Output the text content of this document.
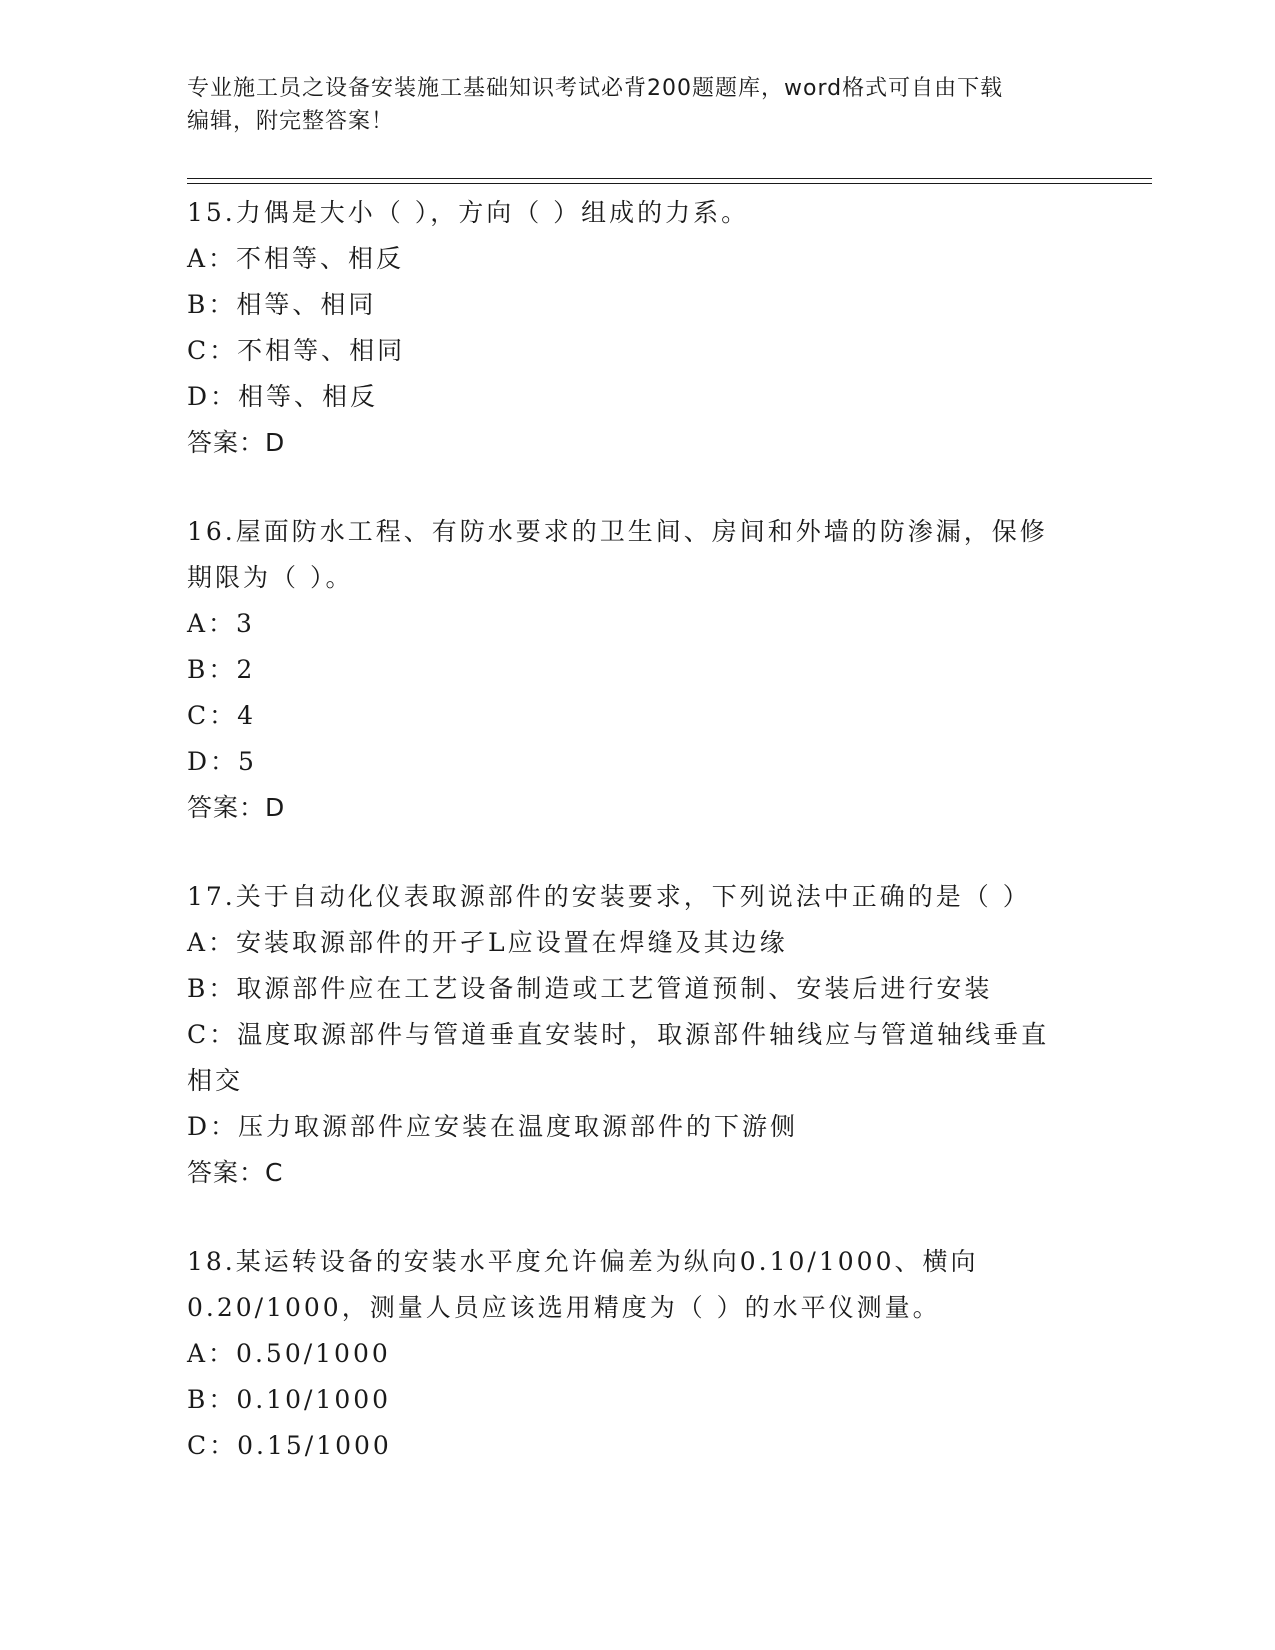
专业施工员之设备安装施工基础知识考试必背200题题库，word格式可自由下载
编辑，附完整答案！
15.力偶是大小（ ），方向（ ）组成的力系。
A：不相等、相反
B：相等、相同
C：不相等、相同
D：相等、相反
答案：D
16.屋面防水工程、有防水要求的卫生间、房间和外墙的防渗漏，保修
期限为（ ）。
A：3
B：2
C：4
D：5
答案：D
17.关于自动化仪表取源部件的安装要求，下列说法中正确的是（ ）
A：安装取源部件的开孑L应设置在焊缝及其边缘
B：取源部件应在工艺设备制造或工艺管道预制、安装后进行安装
C：温度取源部件与管道垂直安装时，取源部件轴线应与管道轴线垂直
相交
D：压力取源部件应安装在温度取源部件的下游侧
答案：C
18.某运转设备的安装水平度允许偏差为纵向0.10/1000、横向
0.20/1000，测量人员应该选用精度为（ ）的水平仪测量。
A：0.50/1000
B：0.10/1000
C：0.15/1000
